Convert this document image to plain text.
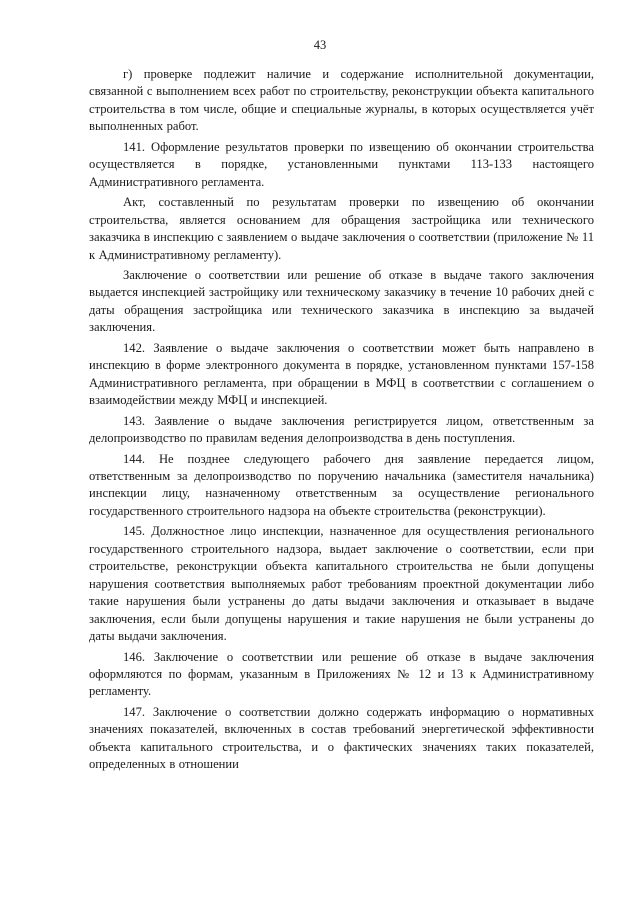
43

г) проверке подлежит наличие и содержание исполнительной документации, связанной с выполнением всех работ по строительству, реконструкции объекта капитального строительства в том числе, общие и специальные журналы, в которых осуществляется учёт выполненных работ.

141. Оформление результатов проверки по извещению об окончании строительства осуществляется в порядке, установленными пунктами 113-133 настоящего Административного регламента.

Акт, составленный по результатам проверки по извещению об окончании строительства, является основанием для обращения застройщика или технического заказчика в инспекцию с заявлением о выдаче заключения о соответствии (приложение № 11 к Административному регламенту).

Заключение о соответствии или решение об отказе в выдаче такого заключения выдается инспекцией застройщику или техническому заказчику в течение 10 рабочих дней с даты обращения застройщика или технического заказчика в инспекцию за выдачей заключения.

142. Заявление о выдаче заключения о соответствии может быть направлено в инспекцию в форме электронного документа в порядке, установленном пунктами 157-158 Административного регламента, при обращении в МФЦ в соответствии с соглашением о взаимодействии между МФЦ и инспекцией.

143. Заявление о выдаче заключения регистрируется лицом, ответственным за делопроизводство по правилам ведения делопроизводства в день поступления.

144. Не позднее следующего рабочего дня заявление передается лицом, ответственным за делопроизводство по поручению начальника (заместителя начальника) инспекции лицу, назначенному ответственным за осуществление регионального государственного строительного надзора на объекте строительства (реконструкции).

145. Должностное лицо инспекции, назначенное для осуществления регионального государственного строительного надзора, выдает заключение о соответствии, если при строительстве, реконструкции объекта капитального строительства не были допущены нарушения соответствия выполняемых работ требованиям проектной документации либо такие нарушения были устранены до даты выдачи заключения и отказывает в выдаче заключения, если были допущены нарушения и такие нарушения не были устранены до даты выдачи заключения.

146. Заключение о соответствии или решение об отказе в выдаче заключения оформляются по формам, указанным в Приложениях № 12 и 13 к Административному регламенту.

147. Заключение о соответствии должно содержать информацию о нормативных значениях показателей, включенных в состав требований энергетической эффективности объекта капитального строительства, и о фактических значениях таких показателей, определенных в отношении
